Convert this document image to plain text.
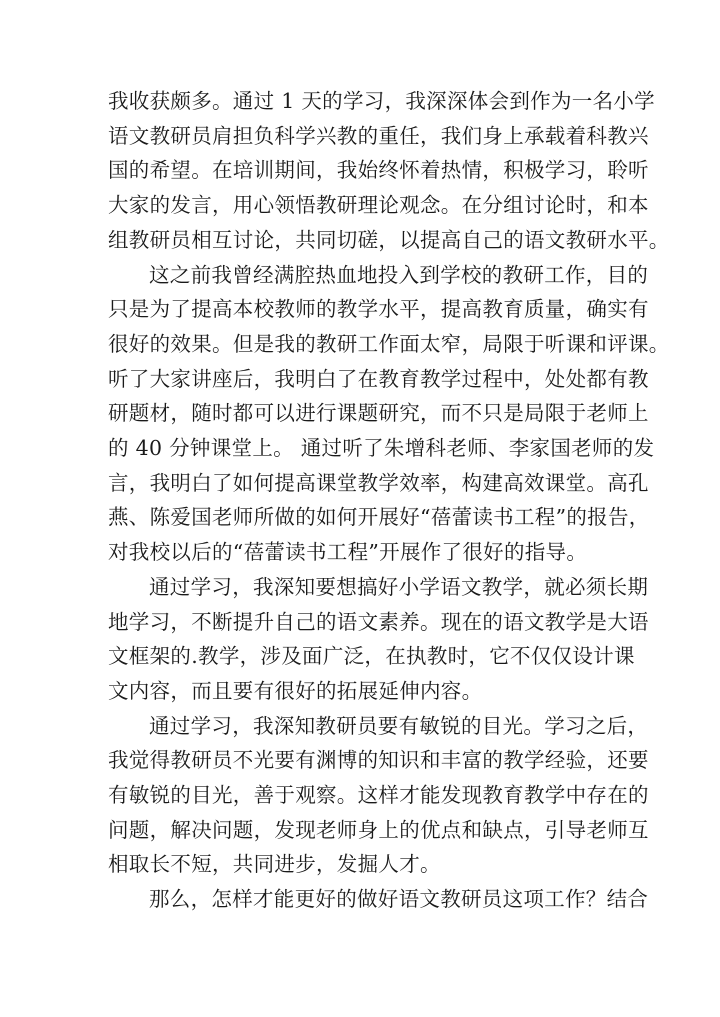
我收获颇多。通过 1 天的学习，我深深体会到作为一名小学
语文教研员肩担负科学兴教的重任，我们身上承载着科教兴
国的希望。在培训期间，我始终怀着热情，积极学习，聆听
大家的发言，用心领悟教研理论观念。在分组讨论时，和本
组教研员相互讨论，共同切磋，以提高自己的语文教研水平。

这之前我曾经满腔热血地投入到学校的教研工作，目的
只是为了提高本校教师的教学水平，提高教育质量，确实有
很好的效果。但是我的教研工作面太窄，局限于听课和评课。
听了大家讲座后，我明白了在教育教学过程中，处处都有教
研题材，随时都可以进行课题研究，而不只是局限于老师上
的 40 分钟课堂上。 通过听了朱增科老师、李家国老师的发
言，我明白了如何提高课堂教学效率，构建高效课堂。高孔
燕、陈爱国老师所做的如何开展好“蓓蕾读书工程”的报告，
对我校以后的“蓓蕾读书工程”开展作了很好的指导。

通过学习，我深知要想搞好小学语文教学，就必须长期
地学习，不断提升自己的语文素养。现在的语文教学是大语
文框架的.教学，涉及面广泛，在执教时，它不仅仅设计课
文内容，而且要有很好的拓展延伸内容。

通过学习，我深知教研员要有敏锐的目光。学习之后，
我觉得教研员不光要有渊博的知识和丰富的教学经验，还要
有敏锐的目光，善于观察。这样才能发现教育教学中存在的
问题，解决问题，发现老师身上的优点和缺点，引导老师互
相取长不短，共同进步，发掘人才。

那么，怎样才能更好的做好语文教研员这项工作？结合
